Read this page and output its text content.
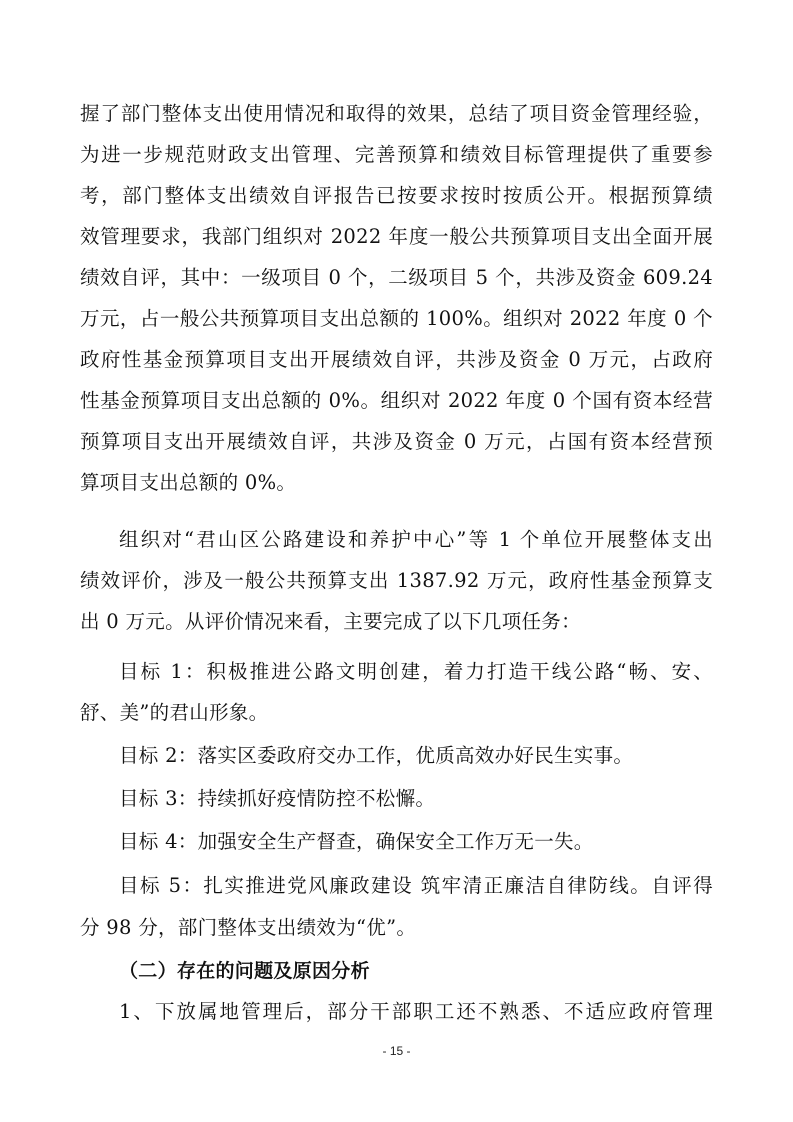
握了部门整体支出使用情况和取得的效果，总结了项目资金管理经验，
为进一步规范财政支出管理、完善预算和绩效目标管理提供了重要参
考，部门整体支出绩效自评报告已按要求按时按质公开。根据预算绩
效管理要求，我部门组织对 2022 年度一般公共预算项目支出全面开展
绩效自评，其中：一级项目 0 个，二级项目 5 个，共涉及资金 609.24
万元，占一般公共预算项目支出总额的 100%。组织对 2022 年度 0 个
政府性基金预算项目支出开展绩效自评，共涉及资金 0 万元，占政府
性基金预算项目支出总额的 0%。组织对 2022 年度 0 个国有资本经营
预算项目支出开展绩效自评，共涉及资金 0 万元，占国有资本经营预
算项目支出总额的 0%。
组织对“君山区公路建设和养护中心”等 1 个单位开展整体支出
绩效评价，涉及一般公共预算支出 1387.92 万元，政府性基金预算支
出 0 万元。从评价情况来看，主要完成了以下几项任务：
目标 1：积极推进公路文明创建，着力打造干线公路“畅、安、
舒、美”的君山形象。
目标 2：落实区委政府交办工作，优质高效办好民生实事。
目标 3：持续抓好疫情防控不松懈。
目标 4：加强安全生产督查，确保安全工作万无一失。
目标 5：扎实推进党风廉政建设 筑牢清正廉洁自律防线。自评得
分 98 分，部门整体支出绩效为“优”。
（二）存在的问题及原因分析
1、下放属地管理后，部分干部职工还不熟悉、不适应政府管理
- 15 -
